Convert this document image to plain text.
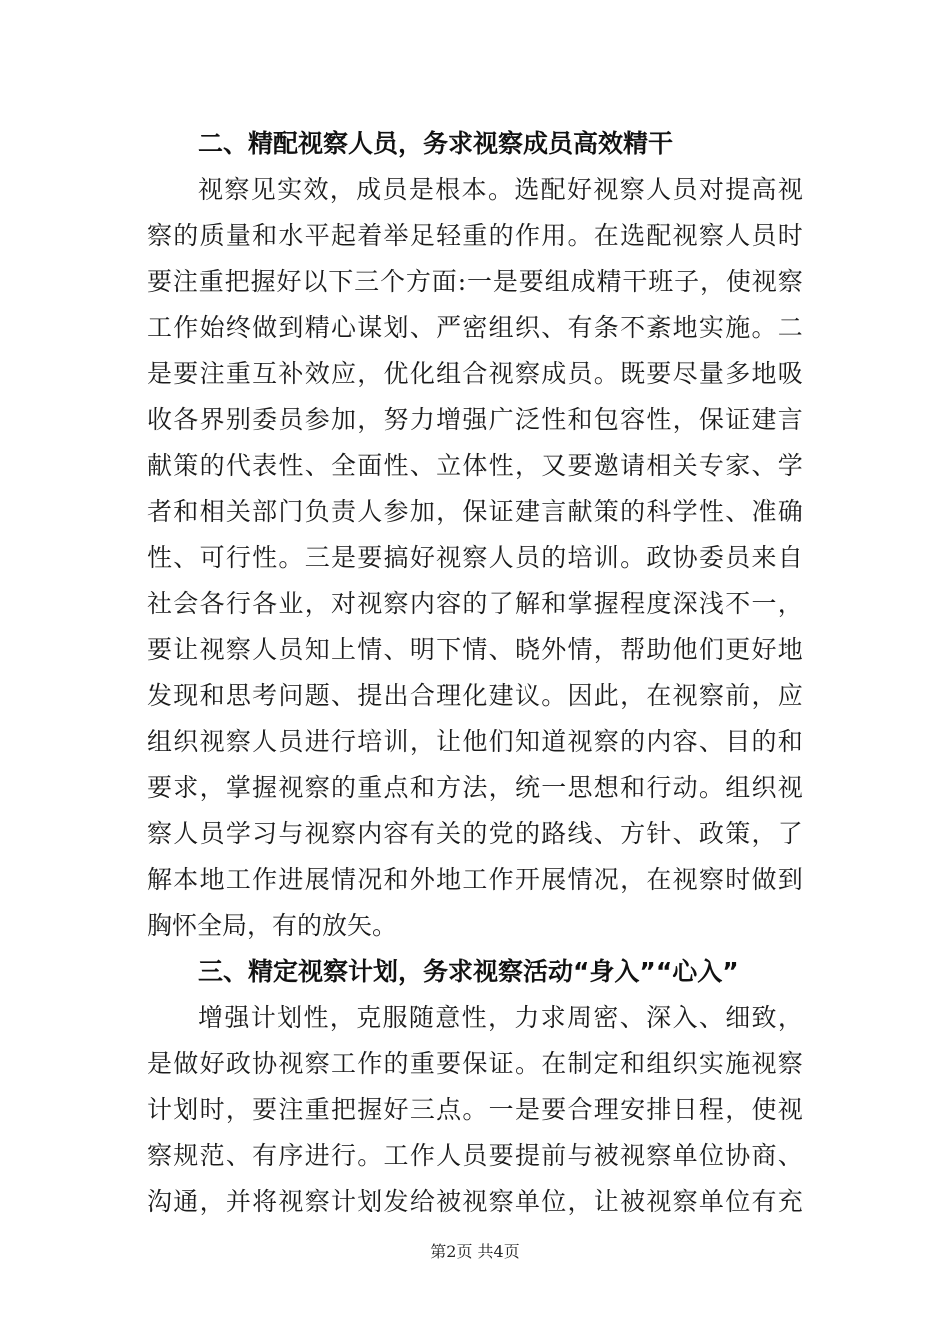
二、精配视察人员，务求视察成员高效精干
视 察 见 实 效 ， 成 员 是 根 本 。 选 配 好 视 察 人 员 对 提 高 视
察 的 质 量 和 水 平 起 着 举 足 轻 重 的 作 用 。 在 选 配 视 察 人 员 时
要 注 重 把 握 好 以 下 三 个 方 面 : 一 是 要 组 成 精 干 班 子 ， 使 视 察
工 作 始 终 做 到 精 心 谋 划 、 严 密 组 织 、 有 条 不 紊 地 实 施 。 二
是 要 注 重 互 补 效 应 ， 优 化 组 合 视 察 成 员 。 既 要 尽 量 多 地 吸
收 各 界 别 委 员 参 加 ， 努 力 增 强 广 泛 性 和 包 容 性 ， 保 证 建 言
献 策 的 代 表 性 、 全 面 性 、 立 体 性 ， 又 要 邀 请 相 关 专 家 、 学
者 和 相 关 部 门 负 责 人 参 加 ， 保 证 建 言 献 策 的 科 学 性 、 准 确
性 、 可 行 性 。 三 是 要 搞 好 视 察 人 员 的 培 训 。 政 协 委 员 来 自
社 会 各 行 各 业 ， 对 视 察 内 容 的 了 解 和 掌 握 程 度 深 浅 不 一 ，
要 让 视 察 人 员 知 上 情 、 明 下 情 、 晓 外 情 ， 帮 助 他 们 更 好 地
发 现 和 思 考 问 题 、 提 出 合 理 化 建 议 。 因 此 ， 在 视 察 前 ， 应
组 织 视 察 人 员 进 行 培 训 ， 让 他 们 知 道 视 察 的 内 容 、 目 的 和
要 求 ， 掌 握 视 察 的 重 点 和 方 法 ， 统 一 思 想 和 行 动 。 组 织 视
察 人 员 学 习 与 视 察 内 容 有 关 的 党 的 路 线 、 方 针 、 政 策 ， 了
解 本 地 工 作 进 展 情 况 和 外 地 工 作 开 展 情 况 ， 在 视 察 时 做 到
胸怀全局，有的放矢。
三、精定视察计划，务求视察活动“身入”“心入”
增 强 计 划 性 ， 克 服 随 意 性 ， 力 求 周 密 、 深 入 、 细 致 ，
是 做 好 政 协 视 察 工 作 的 重 要 保 证 。 在 制 定 和 组 织 实 施 视 察
计 划 时 ， 要 注 重 把 握 好 三 点 。 一 是 要 合 理 安 排 日 程 ， 使 视
察 规 范 、 有 序 进 行 。 工 作 人 员 要 提 前 与 被 视 察 单 位 协 商 、
沟 通 ， 并 将 视 察 计 划 发 给 被 视 察 单 位 ， 让 被 视 察 单 位 有 充
第2页 共4页
